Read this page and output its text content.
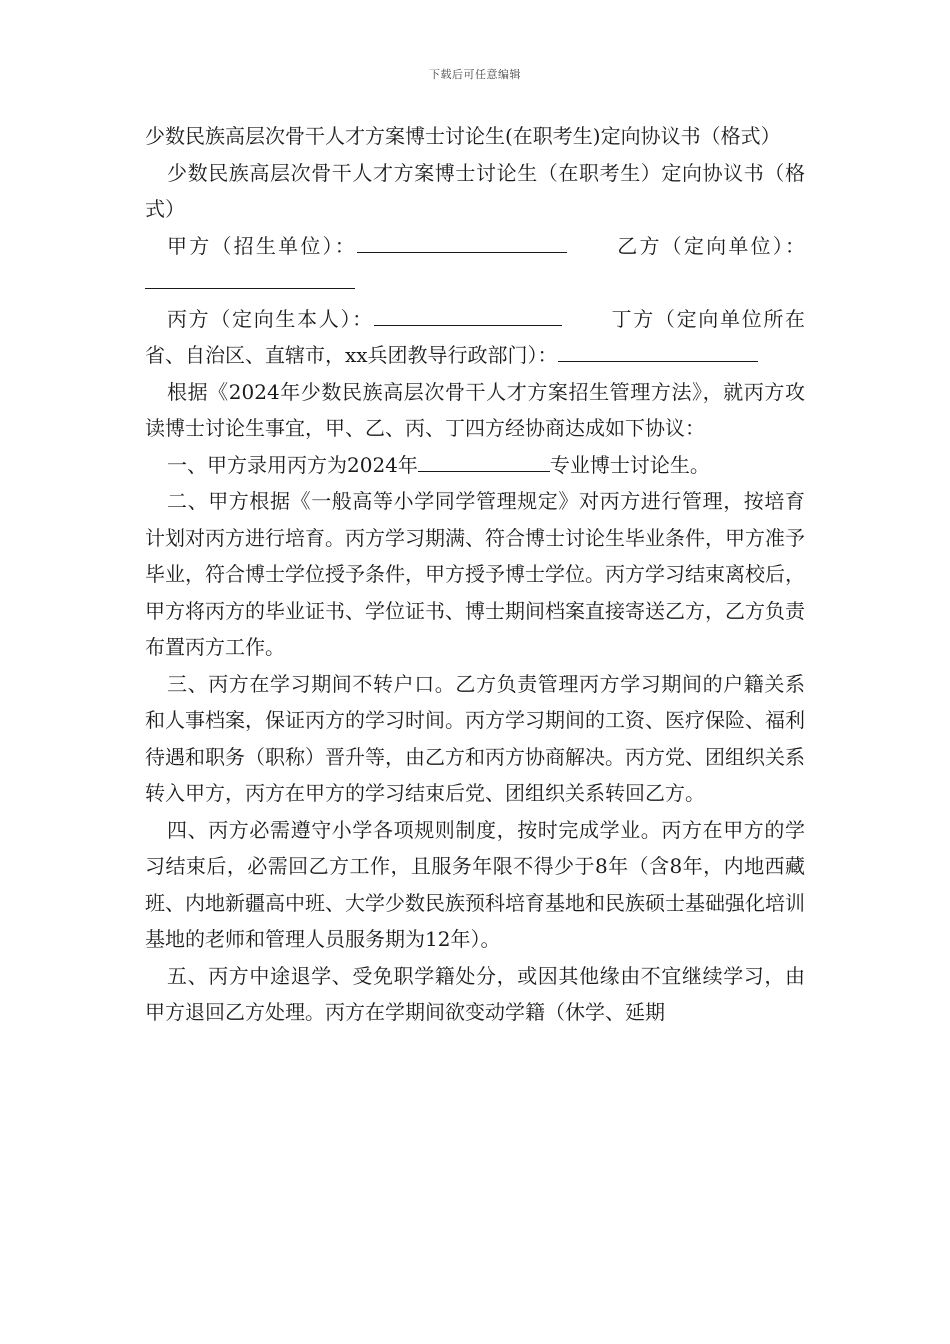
下载后可任意编辑

少数民族高层次骨干人才方案博士讨论生(在职考生)定向协议书（格式）

少数民族高层次骨干人才方案博士讨论生（在职考生）定向协议书（格式）

甲方（招生单位）：	乙方（定向单位）：

丙方（定向生本人）：	丁方（定向单位所在省、自治区、直辖市，xx兵团教导行政部门）：

根据《2024年少数民族高层次骨干人才方案招生管理方法》，就丙方攻读博士讨论生事宜，甲、乙、丙、丁四方经协商达成如下协议：

一、甲方录用丙方为2024年	专业博士讨论生。

二、甲方根据《一般高等小学同学管理规定》对丙方进行管理，按培育计划对丙方进行培育。丙方学习期满、符合博士讨论生毕业条件，甲方准予毕业，符合博士学位授予条件，甲方授予博士学位。丙方学习结束离校后，甲方将丙方的毕业证书、学位证书、博士期间档案直接寄送乙方，乙方负责布置丙方工作。

三、丙方在学习期间不转户口。乙方负责管理丙方学习期间的户籍关系和人事档案，保证丙方的学习时间。丙方学习期间的工资、医疗保险、福利待遇和职务（职称）晋升等，由乙方和丙方协商解决。丙方党、团组织关系转入甲方，丙方在甲方的学习结束后党、团组织关系转回乙方。

四、丙方必需遵守小学各项规则制度，按时完成学业。丙方在甲方的学习结束后，必需回乙方工作，且服务年限不得少于8年（含8年，内地西藏班、内地新疆高中班、大学少数民族预科培育基地和民族硕士基础强化培训基地的老师和管理人员服务期为12年）。

五、丙方中途退学、受免职学籍处分，或因其他缘由不宜继续学习，由甲方退回乙方处理。丙方在学期间欲变动学籍（休学、延期
